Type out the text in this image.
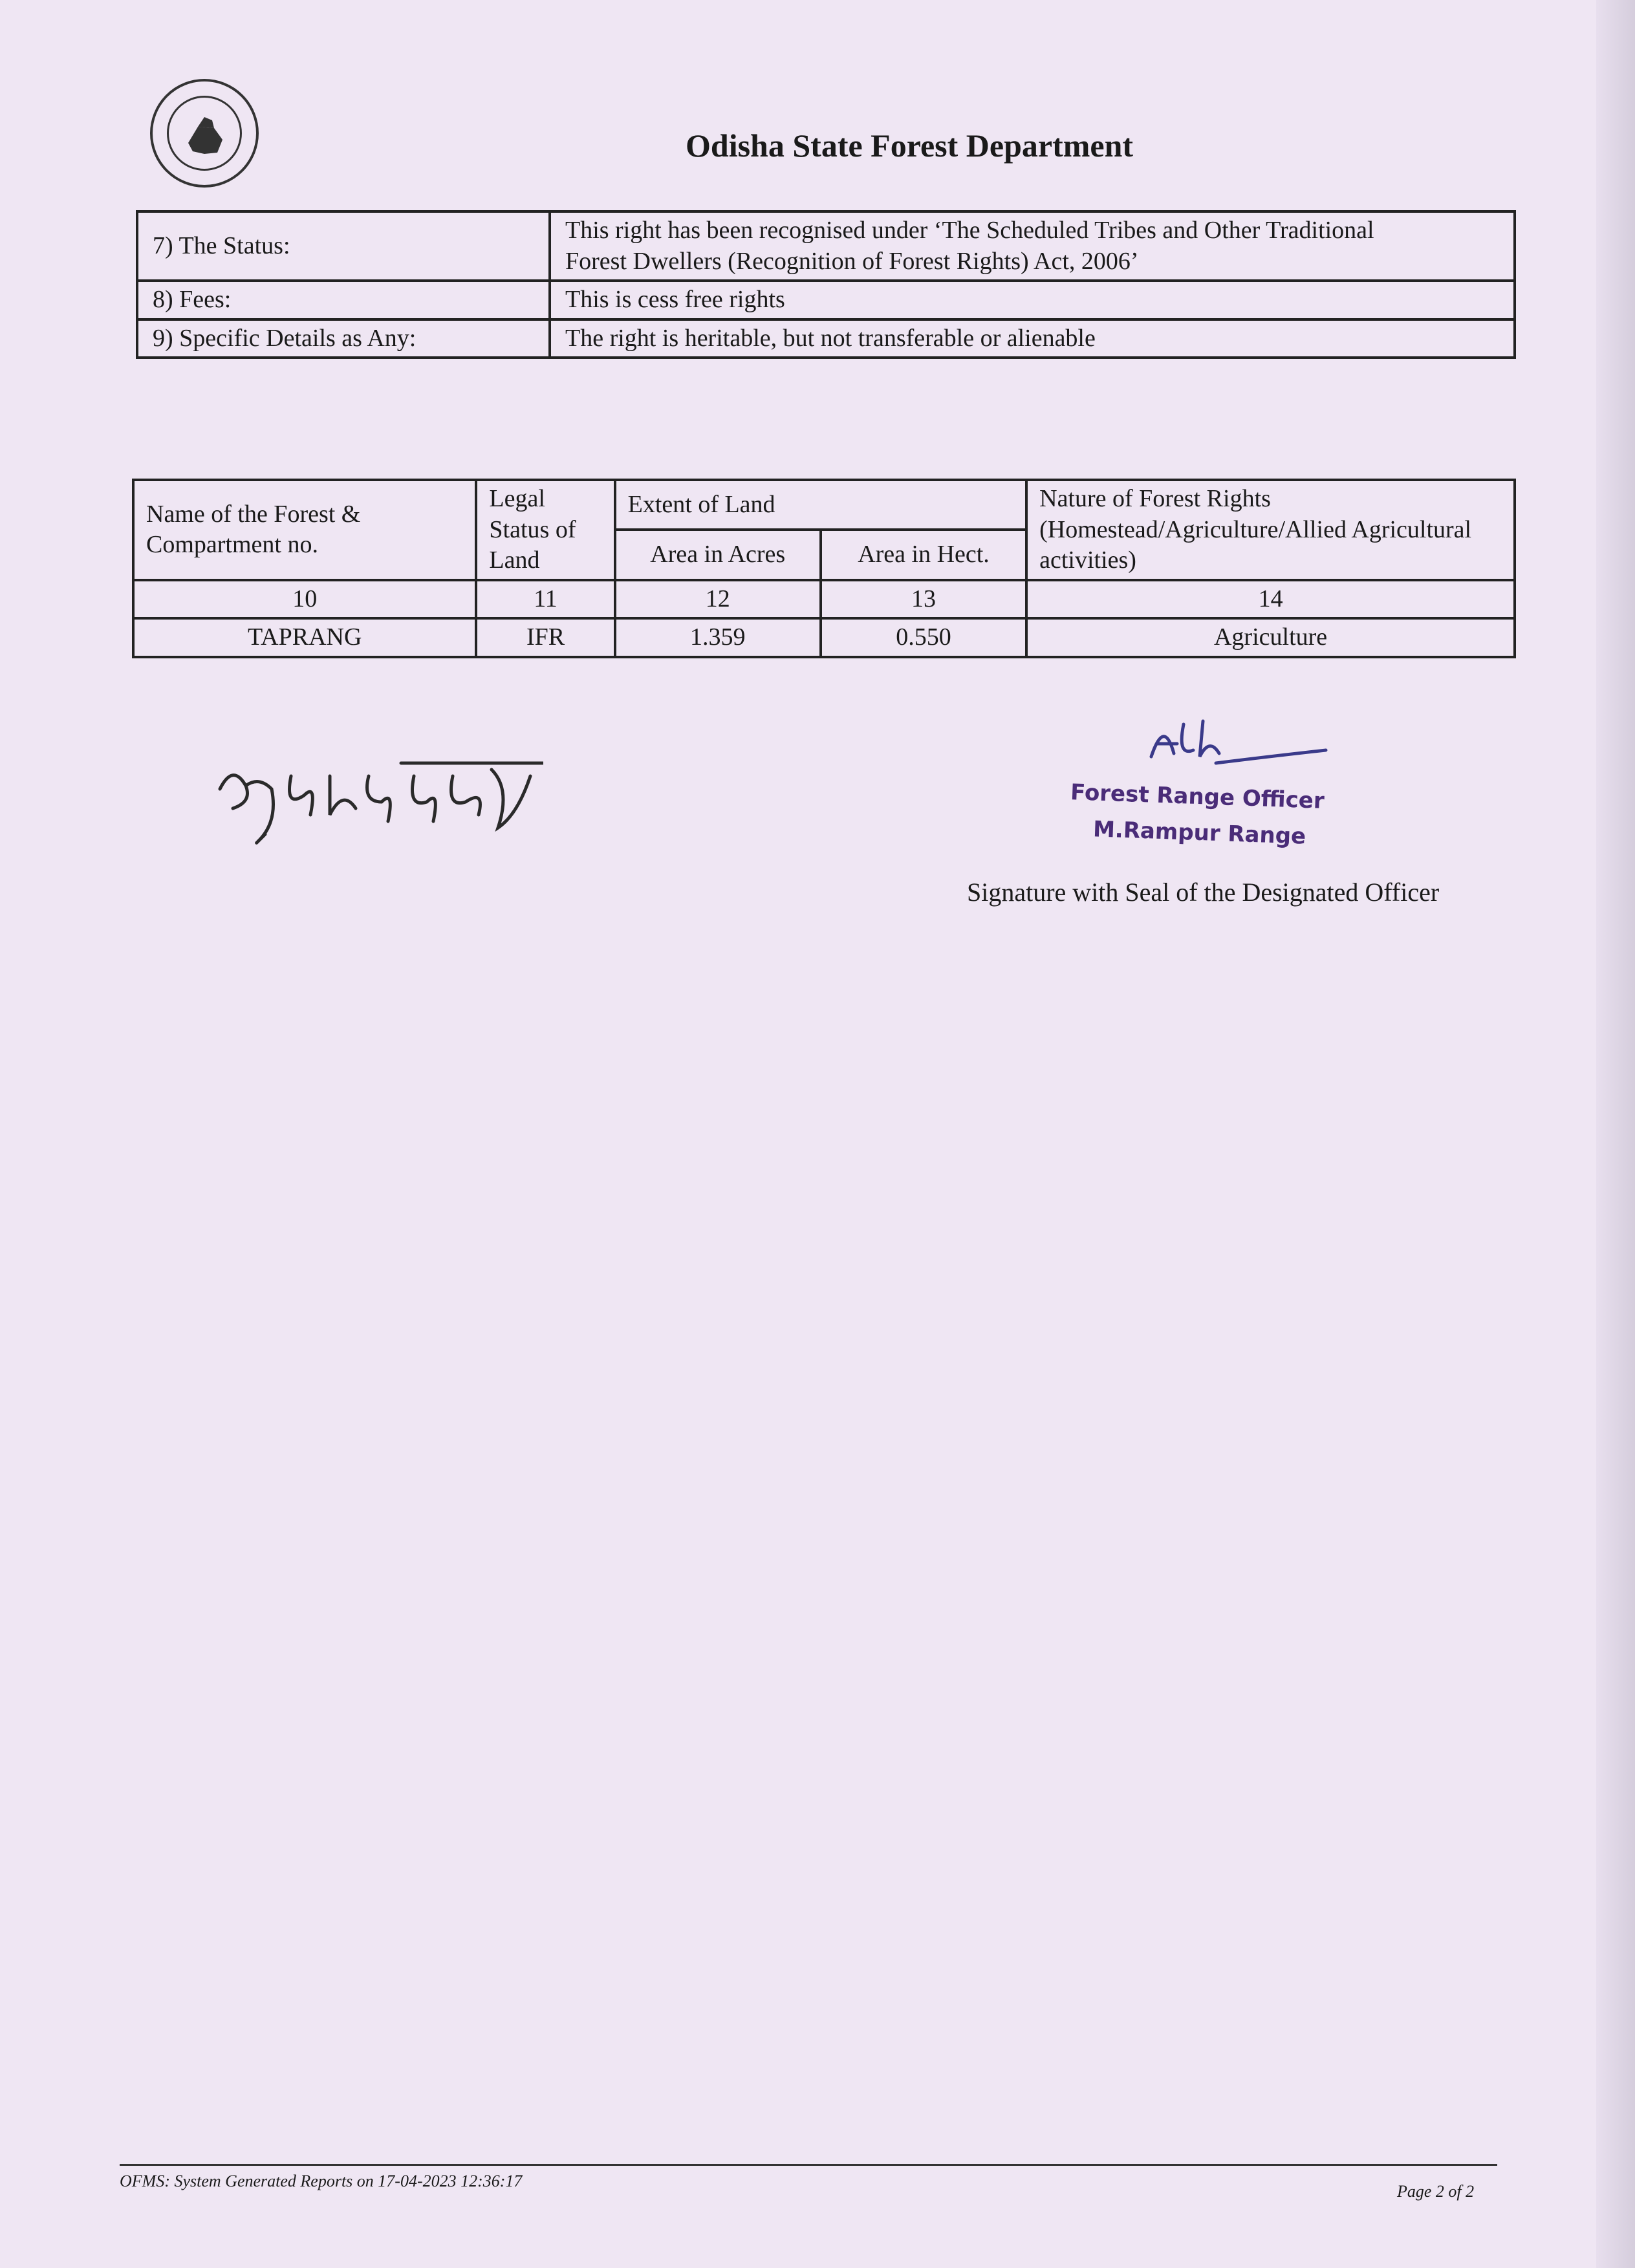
Odisha State Forest Department
7) The Status:	This right has been recognised under ‘The Scheduled Tribes and Other Traditional
Forest Dwellers (Recognition of Forest Rights) Act, 2006’

8) Fees:	This is cess free rights
9) Specific Details as Any:	The right is heritable, but not transferable or alienable
Name of the Forest & Compartment no.	Legal Status of Land	Extent of Land		Nature of Forest Rights (Homestead/Agriculture/Allied Agricultural activities)
		Area in Acres	Area in Hect.	
10	11	12	13	14
TAPRANG	IFR	1.359	0.550	Agriculture
Forest Range Officer
M.Rampur Range
Signature with Seal of the Designated Officer
OFMS: System Generated Reports on 17-04-2023 12:36:17
Page 2 of 2
